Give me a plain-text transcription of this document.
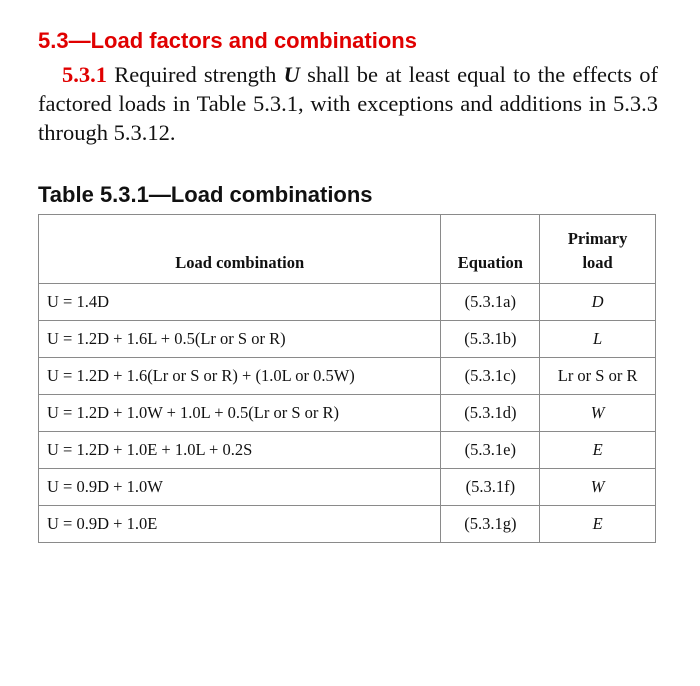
5.3—Load factors and combinations

5.3.1 Required strength U shall be at least equal to the effects of factored loads in Table 5.3.1, with exceptions and additions in 5.3.3 through 5.3.12.

Table 5.3.1—Load combinations
Load combination	Equation	Primary
load
U = 1.4D	(5.3.1a)	D
U = 1.2D + 1.6L + 0.5(Lr or S or R)	(5.3.1b)	L
U = 1.2D + 1.6(Lr or S or R) + (1.0L or 0.5W)	(5.3.1c)	Lr or S or R
U = 1.2D + 1.0W + 1.0L + 0.5(Lr or S or R)	(5.3.1d)	W
U = 1.2D + 1.0E + 1.0L + 0.2S	(5.3.1e)	E
U = 0.9D + 1.0W	(5.3.1f)	W
U = 0.9D + 1.0E	(5.3.1g)	E
